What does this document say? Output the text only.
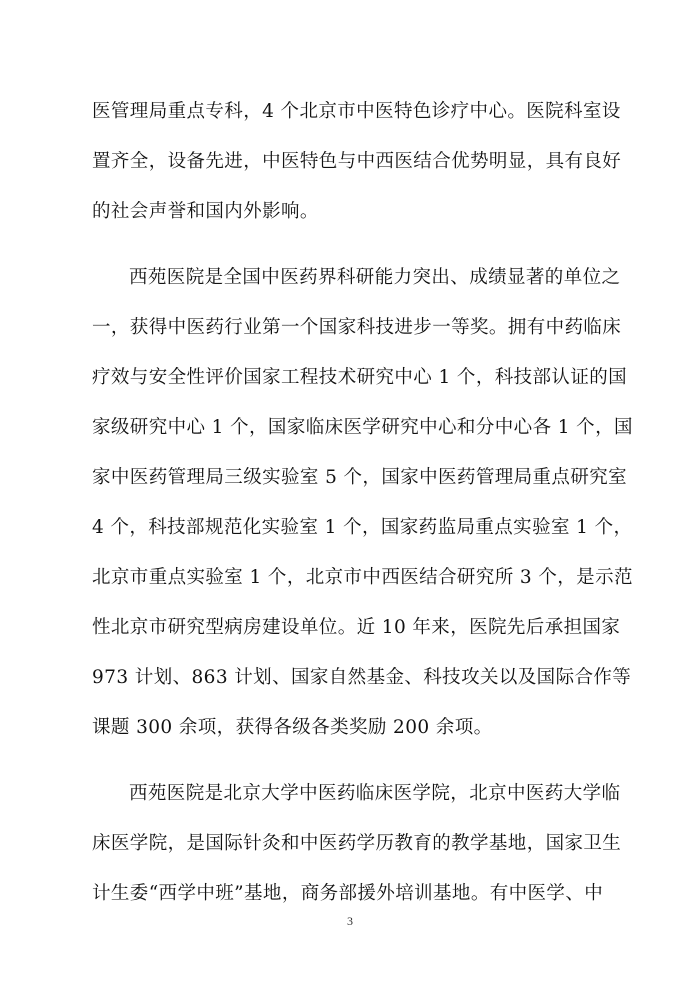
医管理局重点专科，4 个北京市中医特色诊疗中心。医院科室设
置齐全，设备先进，中医特色与中西医结合优势明显，具有良好
的社会声誉和国内外影响。
西苑医院是全国中医药界科研能力突出、成绩显著的单位之
一，获得中医药行业第一个国家科技进步一等奖。拥有中药临床
疗效与安全性评价国家工程技术研究中心 1 个，科技部认证的国
家级研究中心 1 个，国家临床医学研究中心和分中心各 1 个，国
家中医药管理局三级实验室 5 个，国家中医药管理局重点研究室
4 个，科技部规范化实验室 1 个，国家药监局重点实验室 1 个，
北京市重点实验室 1 个，北京市中西医结合研究所 3 个，是示范
性北京市研究型病房建设单位。近 10 年来，医院先后承担国家
973 计划、863 计划、国家自然基金、科技攻关以及国际合作等
课题 300 余项，获得各级各类奖励 200 余项。
西苑医院是北京大学中医药临床医学院，北京中医药大学临
床医学院，是国际针灸和中医药学历教育的教学基地，国家卫生
计生委“西学中班”基地，商务部援外培训基地。有中医学、中
3
